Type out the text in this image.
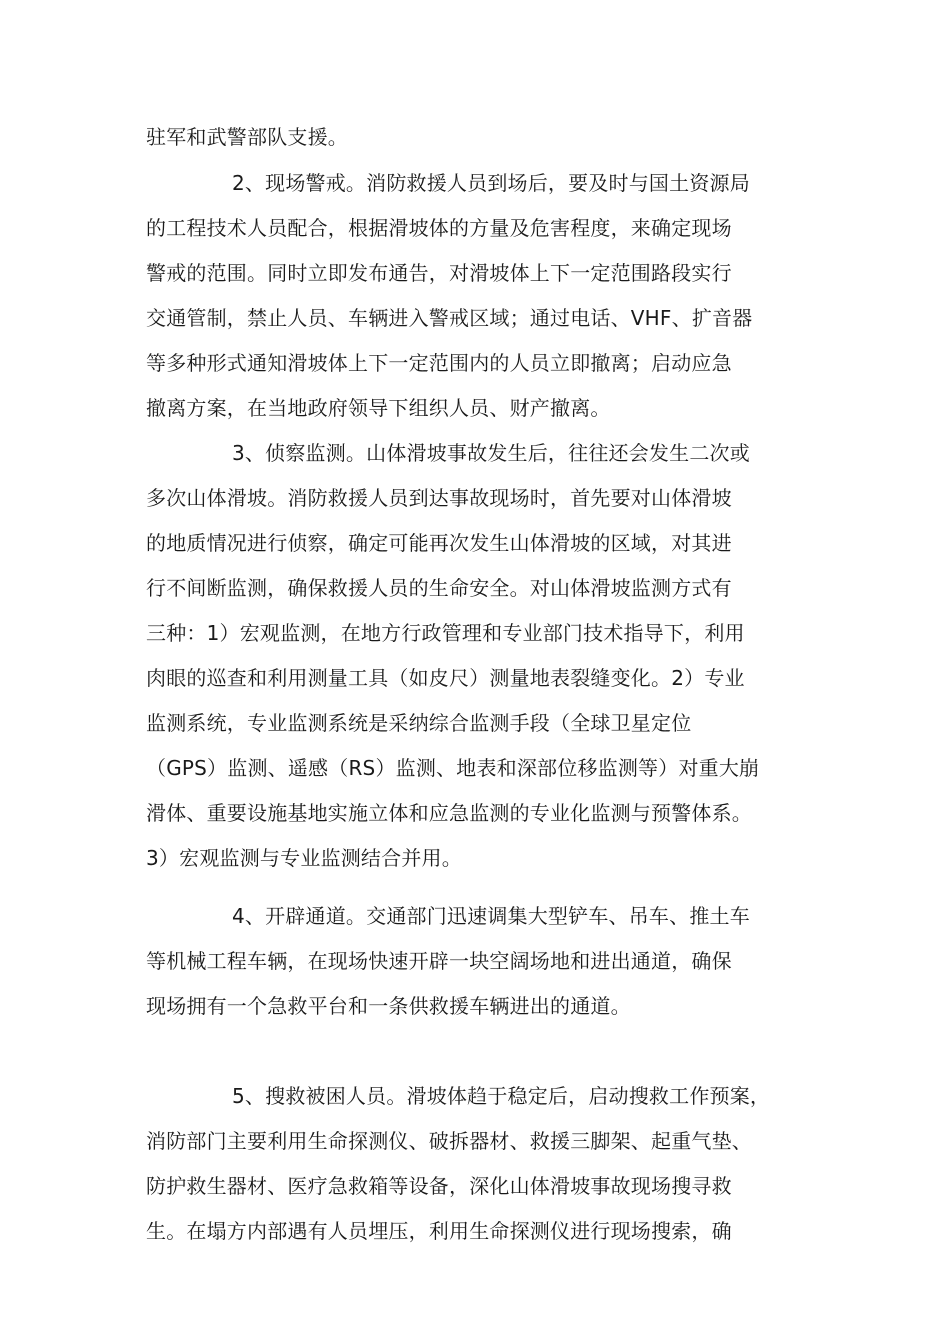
驻军和武警部队支援。
2、现场警戒。消防救援人员到场后，要及时与国土资源局
的工程技术人员配合，根据滑坡体的方量及危害程度，来确定现场
警戒的范围。同时立即发布通告，对滑坡体上下一定范围路段实行
交通管制，禁止人员、车辆进入警戒区域；通过电话、VHF、扩音器
等多种形式通知滑坡体上下一定范围内的人员立即撤离；启动应急
撤离方案，在当地政府领导下组织人员、财产撤离。
3、侦察监测。山体滑坡事故发生后，往往还会发生二次或
多次山体滑坡。消防救援人员到达事故现场时，首先要对山体滑坡
的地质情况进行侦察，确定可能再次发生山体滑坡的区域，对其进
行不间断监测，确保救援人员的生命安全。对山体滑坡监测方式有
三种：1）宏观监测，在地方行政管理和专业部门技术指导下，利用
肉眼的巡查和利用测量工具（如皮尺）测量地表裂缝变化。2）专业
监测系统，专业监测系统是采纳综合监测手段（全球卫星定位
（GPS）监测、遥感（RS）监测、地表和深部位移监测等）对重大崩
滑体、重要设施基地实施立体和应急监测的专业化监测与预警体系。
3）宏观监测与专业监测结合并用。
4、开辟通道。交通部门迅速调集大型铲车、吊车、推土车
等机械工程车辆，在现场快速开辟一块空阔场地和进出通道，确保
现场拥有一个急救平台和一条供救援车辆进出的通道。
5、搜救被困人员。滑坡体趋于稳定后，启动搜救工作预案，
消防部门主要利用生命探测仪、破拆器材、救援三脚架、起重气垫、
防护救生器材、医疗急救箱等设备，深化山体滑坡事故现场搜寻救
生。在塌方内部遇有人员埋压，利用生命探测仪进行现场搜索，确
